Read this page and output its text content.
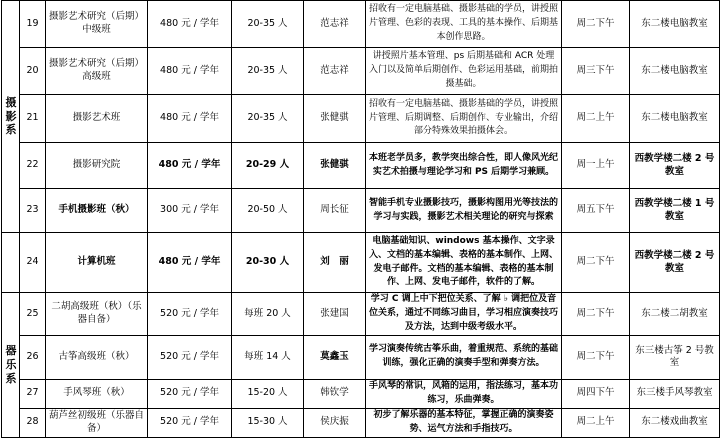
摄影系	19	摄影艺术研究（后期）中级班	480 元 / 学年	20-35 人	范志祥	招收有一定电脑基础、摄影基础的学员，讲授照片管理、色彩的表现、工具的基本操作、后期基本创作思路。	周二下午	东二楼电脑教室
	20	摄影艺术研究（后期）高级班	480 元 / 学年	20-35 人	范志祥	讲授照片基本管理、ps 后期基础和 ACR 处理入门以及简单后期创作、色彩运用基础，前期拍摄基础。	周三下午	东二楼电脑教室
	21	摄影艺术班	480 元 / 学年	20-35 人	张健骐	招收有一定电脑基础、摄影基础的学员，讲授照片管理、后期调整、后期创作、专业输出，介绍部分特殊效果拍摄体会。	周二上午	东二楼电脑教室
	22	摄影研究院	480 元 / 学年	20-29 人	张健骐	本班老学员多，教学突出综合性，即人像风光纪实艺术拍摄与理论学习和 PS 后期学习兼顾。	周一上午	西教学楼二楼 2 号教室
	23	手机摄影班（秋）	300 元 / 学年	20-50 人	周长征	智能手机专业摄影技巧，摄影构图用光等技法的学习与实践，摄影艺术相关理论的研究与探索	周五下午	西教学楼二楼 1 号教室
	24	计算机班	480 元 / 学年	20-30 人	刘　丽	电脑基础知识、windows 基本操作、文字录入、文档的基本编辑、表格的基本制作、上网、发电子邮件。文档的基本编辑、表格的基本制作、上网、发电子邮件，软件的了解。	周二下午	西教学楼二楼 2 号教室
器乐系	25	二胡高级班（秋）（乐器自备）	520 元 / 学年	每班 20 人	张建国	学习 C 调上中下把位关系、了解 ♭ 调把位及音位关系，通过不同练习曲目，学习相应演奏技巧及方法，达到中级考级水平。	周二下午	东二楼二胡教室
	26	古筝高级班（秋）	520 元 / 学年	每班 14 人	莫鑫玉	学习演奏传统古筝乐曲，着重规范、系统的基础训练，强化正确的演奏手型和弹奏方法。	周二下午	东三楼古筝 2 号教室
	27	手风琴班（秋）	520 元 / 学年	15-20 人	韩钦学	手风琴的常识，风箱的运用，指法练习，基本功练习，乐曲弹奏。	周四下午	东三楼手风琴教室
	28	葫芦丝初级班（乐器自备）	520 元 / 学年	15-30 人	侯庆振	初步了解乐器的基本特征，掌握正确的演奏姿势、运气方法和手指技巧。	周二上午	东二楼戏曲教室
